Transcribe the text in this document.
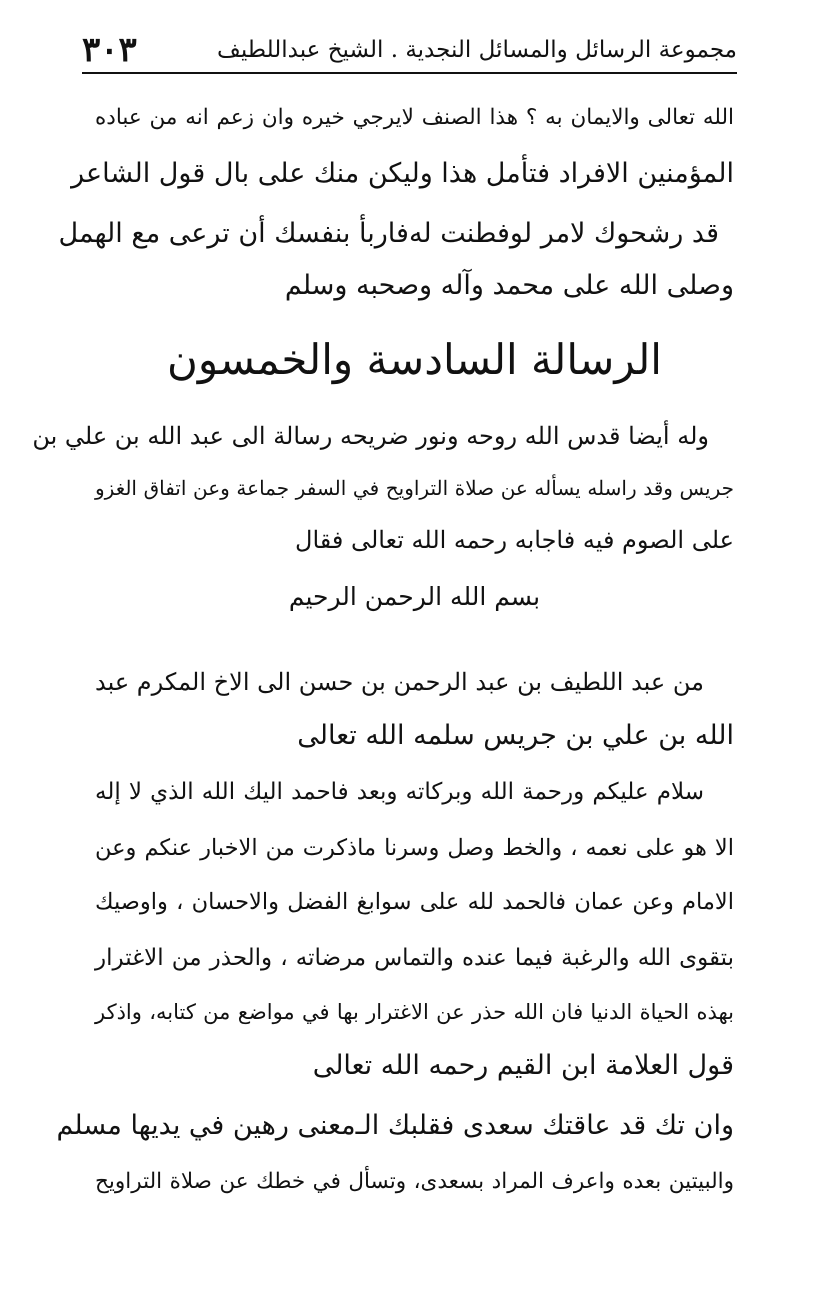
مجموعة الرسائل والمسائل النجدية . الشيخ عبداللطيف
٣٠٣
الله تعالى والايمان به ؟ هذا الصنف لايرجي خيره وان زعم انه من عباده
المؤمنين الافراد فتأمل هذا وليكن منك على بال قول الشاعر
قد رشحوك لامر لوفطنت له
فاربأ بنفسك أن ترعى مع الهمل
وصلى الله على محمد وآله وصحبه وسلم
الرسالة السادسة والخمسون
وله أيضا قدس الله روحه ونور ضريحه رسالة الى عبد الله بن علي بن
جريس وقد راسله يسأله عن صلاة التراويح في السفر جماعة وعن اتفاق الغزو
على الصوم فيه فاجابه رحمه الله تعالى فقال
بسم الله الرحمن الرحيم
من عبد اللطيف بن عبد الرحمن بن حسن الى الاخ المكرم عبد
الله بن علي بن جريس سلمه الله تعالى
سلام عليكم ورحمة الله وبركاته وبعد فاحمد اليك الله الذي لا إله
الا هو على نعمه ، والخط وصل وسرنا ماذكرت من الاخبار عنكم وعن
الامام وعن عمان فالحمد لله على سوابغ الفضل والاحسان ، واوصيك
بتقوى الله والرغبة فيما عنده والتماس مرضاته ، والحذر من الاغترار
بهذه الحياة الدنيا فان الله حذر عن الاغترار بها في مواضع من كتابه، واذكر
قول العلامة ابن القيم رحمه الله تعالى
وان تك قد عاقتك سعدى فقلبك الـ
معنى رهين في يديها مسلم
والبيتين بعده واعرف المراد بسعدى، وتسأل في خطك عن صلاة التراويح
